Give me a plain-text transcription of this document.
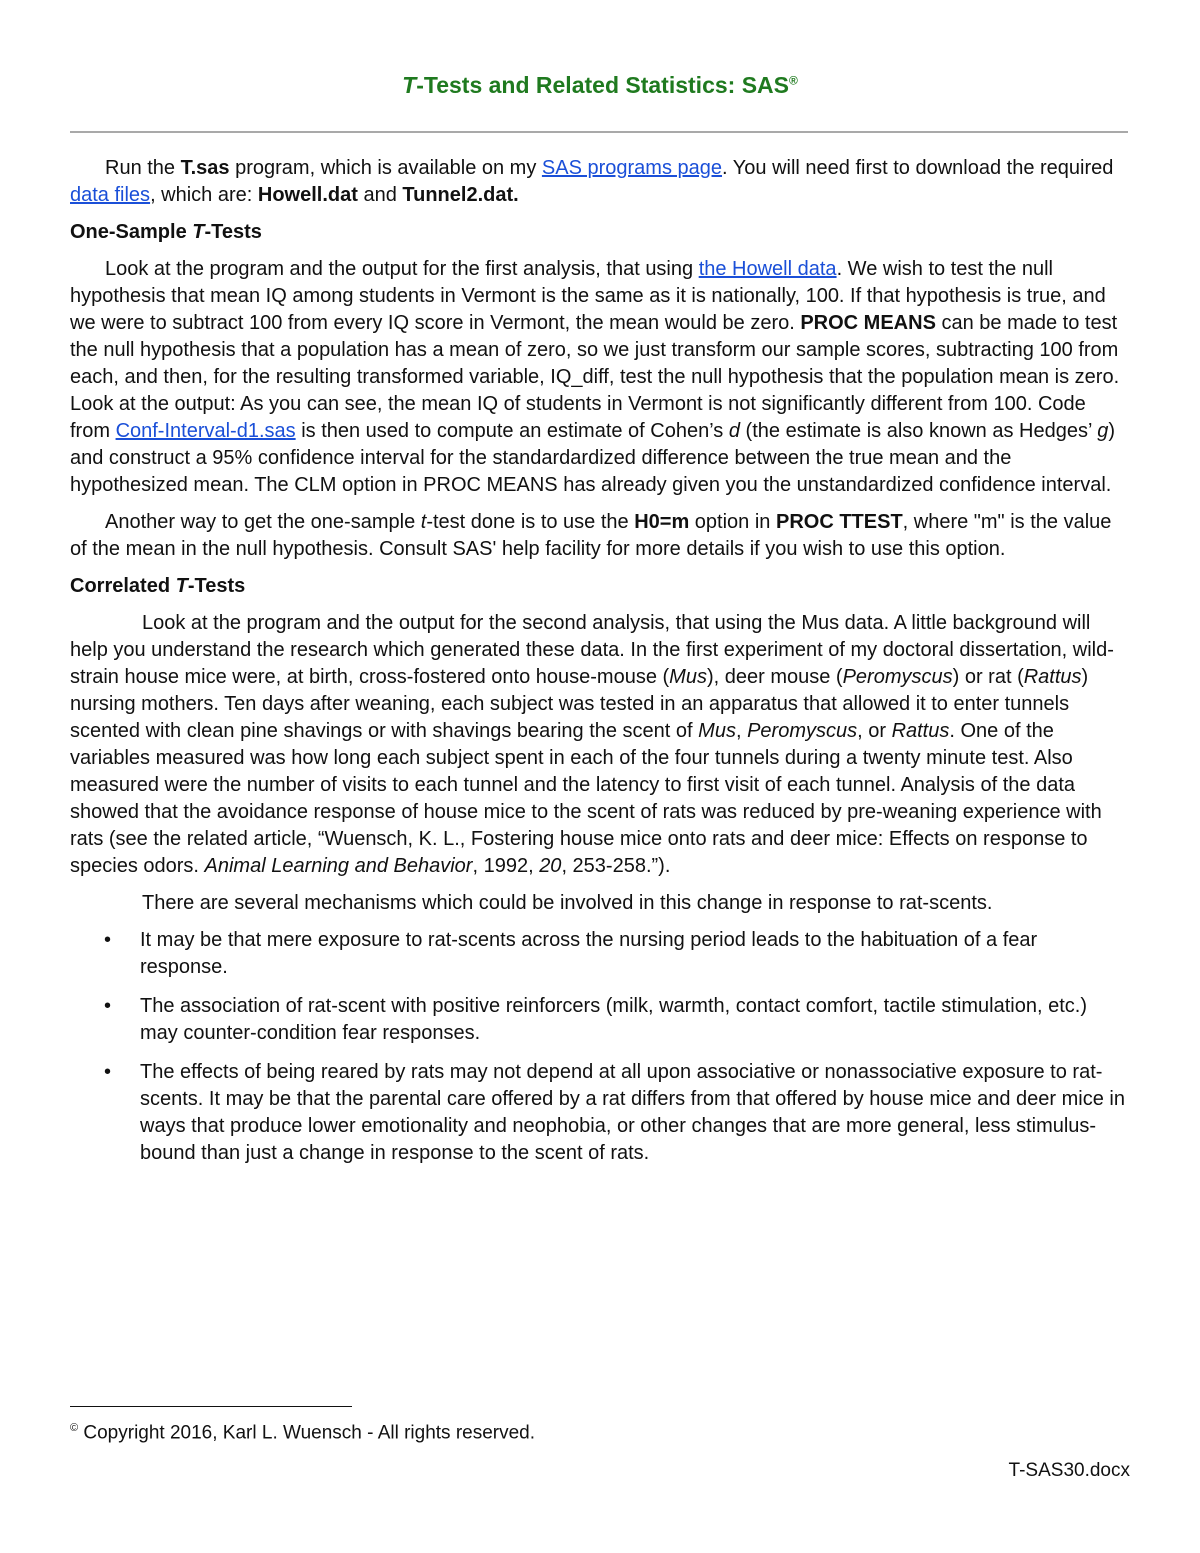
T-Tests and Related Statistics: SAS®

Run the T.sas program, which is available on my SAS programs page. You will need first to download the required data files, which are: Howell.dat and Tunnel2.dat.

One-Sample T-Tests

Look at the program and the output for the first analysis, that using the Howell data. We wish to test the null hypothesis that mean IQ among students in Vermont is the same as it is nationally, 100. If that hypothesis is true, and we were to subtract 100 from every IQ score in Vermont, the mean would be zero. PROC MEANS can be made to test the null hypothesis that a population has a mean of zero, so we just transform our sample scores, subtracting 100 from each, and then, for the resulting transformed variable, IQ_diff, test the null hypothesis that the population mean is zero. Look at the output: As you can see, the mean IQ of students in Vermont is not significantly different from 100. Code from Conf-Interval-d1.sas is then used to compute an estimate of Cohen’s d (the estimate is also known as Hedges’ g) and construct a 95% confidence interval for the standardardized difference between the true mean and the hypothesized mean. The CLM option in PROC MEANS has already given you the unstandardized confidence interval.

Another way to get the one-sample t-test done is to use the H0=m option in PROC TTEST, where "m" is the value of the mean in the null hypothesis. Consult SAS' help facility for more details if you wish to use this option.

Correlated T-Tests

Look at the program and the output for the second analysis, that using the Mus data. A little background will help you understand the research which generated these data. In the first experiment of my doctoral dissertation, wild-strain house mice were, at birth, cross-fostered onto house-mouse (Mus), deer mouse (Peromyscus) or rat (Rattus) nursing mothers. Ten days after weaning, each subject was tested in an apparatus that allowed it to enter tunnels scented with clean pine shavings or with shavings bearing the scent of Mus, Peromyscus, or Rattus. One of the variables measured was how long each subject spent in each of the four tunnels during a twenty minute test. Also measured were the number of visits to each tunnel and the latency to first visit of each tunnel. Analysis of the data showed that the avoidance response of house mice to the scent of rats was reduced by pre-weaning experience with rats (see the related article, “Wuensch, K. L., Fostering house mice onto rats and deer mice: Effects on response to species odors. Animal Learning and Behavior, 1992, 20, 253-258.”).

There are several mechanisms which could be involved in this change in response to rat-scents.

• It may be that mere exposure to rat-scents across the nursing period leads to the habituation of a fear response.
• The association of rat-scent with positive reinforcers (milk, warmth, contact comfort, tactile stimulation, etc.) may counter-condition fear responses.
• The effects of being reared by rats may not depend at all upon associative or nonassociative exposure to rat-scents. It may be that the parental care offered by a rat differs from that offered by house mice and deer mice in ways that produce lower emotionality and neophobia, or other changes that are more general, less stimulus-bound than just a change in response to the scent of rats.
© Copyright 2016, Karl L. Wuensch - All rights reserved.
T-SAS30.docx
